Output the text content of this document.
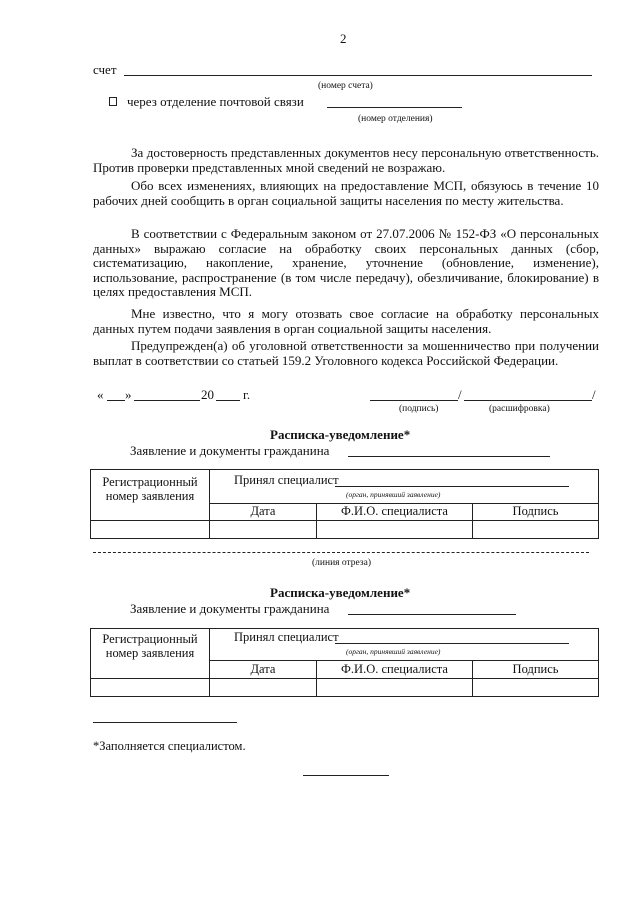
2
счет
(номер счета)
через отделение почтовой связи
(номер отделения)
За достоверность представленных документов несу персональную ответственность. Против проверки представленных мной сведений не возражаю.
Обо всех изменениях, влияющих на предоставление МСП, обязуюсь в течение 10 рабочих дней сообщить в орган социальной защиты населения по месту жительства.
В соответствии с Федеральным законом от 27.07.2006 № 152-ФЗ «О персональных данных» выражаю согласие на обработку своих персональных данных (сбор, систематизацию, накопление, хранение, уточнение (обновление, изменение), использование, распространение (в том числе передачу), обезличивание, блокирование) в целях предоставления МСП.
Мне известно, что я могу отозвать свое согласие на обработку персональных данных путем подачи заявления в орган социальной защиты населения.
Предупрежден(а) об уголовной ответственности за мошенничество при получении выплат в соответствии со статьей 159.2 Уголовного кодекса Российской Федерации.
« »	20 г.	/	/
(подпись)	(расшифровка)
Расписка-уведомление*
Заявление и документы гражданина
Регистрационный
номер заявления
Принял специалист
(орган, принявший заявление)
Дата	Ф.И.О. специалиста	Подпись
(линия отреза)
Расписка-уведомление*
Заявление и документы гражданина
Регистрационный
номер заявления
Принял специалист
(орган, принявший заявление)
Дата	Ф.И.О. специалиста	Подпись
*Заполняется специалистом.
